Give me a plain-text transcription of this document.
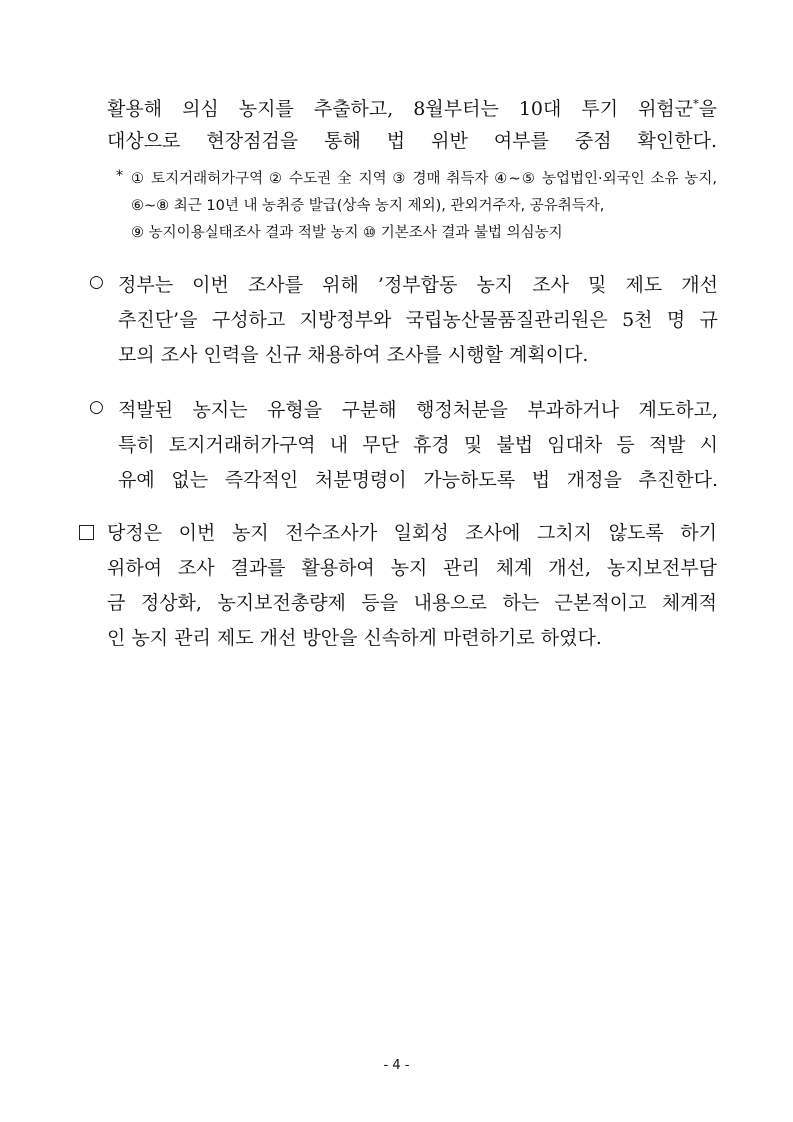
활용해 의심 농지를 추출하고, 8월부터는 10대 투기 위험군*을
대상으로 현장점검을 통해 법 위반 여부를 중점 확인한다.
* ① 토지거래허가구역 ② 수도권 全 지역 ③ 경매 취득자 ④~⑤ 농업법인·외국인 소유 농지,
⑥~⑧ 최근 10년 내 농취증 발급(상속 농지 제외), 관외거주자, 공유취득자,
⑨ 농지이용실태조사 결과 적발 농지 ⑩ 기본조사 결과 불법 의심농지
○ 정부는 이번 조사를 위해 ’정부합동 농지 조사 및 제도 개선
추진단’을 구성하고 지방정부와 국립농산물품질관리원은 5천 명 규
모의 조사 인력을 신규 채용하여 조사를 시행할 계획이다.
○ 적발된 농지는 유형을 구분해 행정처분을 부과하거나 계도하고,
특히 토지거래허가구역 내 무단 휴경 및 불법 임대차 등 적발 시
유예 없는 즉각적인 처분명령이 가능하도록 법 개정을 추진한다.
당정은 이번 농지 전수조사가 일회성 조사에 그치지 않도록 하기
위하여 조사 결과를 활용하여 농지 관리 체계 개선, 농지보전부담
금 정상화, 농지보전총량제 등을 내용으로 하는 근본적이고 체계적
인 농지 관리 제도 개선 방안을 신속하게 마련하기로 하였다.
- 4 -
